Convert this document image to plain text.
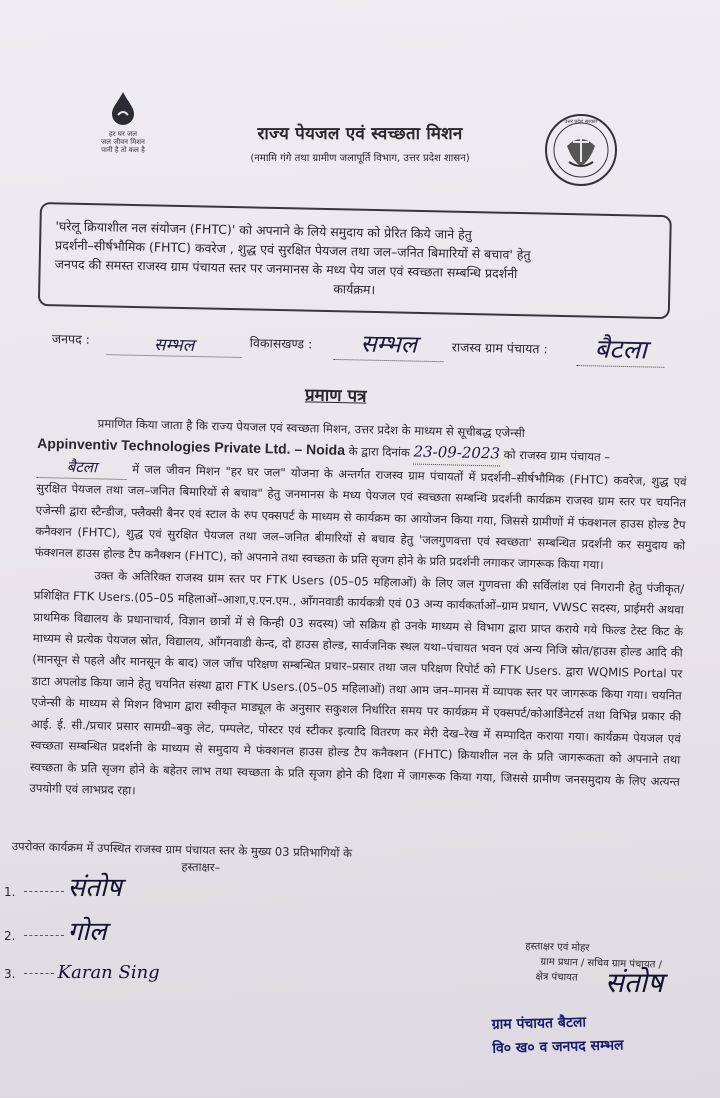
हर घर जल
जल जीवन मिशन
पानी है तो कल है
राज्य पेयजल एवं स्वच्छता मिशन
(नमामि गंगे तथा ग्रामीण जलापूर्ति विभाग, उत्तर प्रदेश शासन)
उत्तर प्रदेश सरकार
'घरेलू क्रियाशील नल संयोजन (FHTC)' को अपनाने के लिये समुदाय को प्रेरित किये जाने हेतु
प्रदर्शनी–सीर्षभौमिक (FHTC) कवरेज , शुद्ध एवं सुरक्षित पेयजल तथा जल–जनित बिमारियों से बचाव' हेतु
जनपद की समस्त राजस्व ग्राम पंचायत स्तर पर जनमानस के मध्य पेय जल एवं स्वच्छता सम्बन्धि प्रदर्शनी
कार्यक्रम।
जनपद :	सम्भल	विकासखण्ड :	सम्भल	राजस्व ग्राम पंचायत :	बैटला
प्रमाण पत्र

प्रमाणित किया जाता है कि राज्य पेयजल एवं स्वच्छता मिशन, उत्तर प्रदेश के माध्यम से सूचीबद्ध एजेन्सी

Appinventiv Technologies Private Ltd. – Noida के द्वारा दिनांक 23-09-2023 को राजस्व ग्राम पंचायत –

बैटला	में जल जीवन मिशन "हर घर जल" योजना के अन्तर्गत राजस्व ग्राम पंचायतों में प्रदर्शनी–सीर्षभौमिक (FHTC) कवरेज, शुद्ध एवं सुरक्षित पेयजल तथा जल–जनित बिमारियों से बचाव" हेतु जनमानस के मध्य पेयजल एवं स्वच्छता सम्बन्धि प्रदर्शनी कार्यक्रम राजस्व ग्राम स्तर पर चयनित एजेन्सी द्वारा स्टैन्डीज, फ्लैक्सी बैनर एवं स्टाल के रुप एक्सपर्ट के माध्यम से कार्यक्रम का आयोजन किया गया, जिससे ग्रामीणों में फंक्शनल हाउस होल्ड टैप कनैक्शन (FHTC), शुद्ध एवं सुरक्षित पेयजल तथा जल–जनित बीमारियों से बचाव हेतु 'जलगुणवत्ता एवं स्वच्छता' सम्बन्धित प्रदर्शनी कर समुदाय को फंक्शनल हाउस होल्ड टैप कनैक्शन (FHTC), को अपनाने तथा स्वच्छता के प्रति सृजग होने के प्रति प्रदर्शनी लगाकर जागरूक किया गया।

उक्त के अतिरिक्त राजस्व ग्राम स्तर पर FTK Users (05–05 महिलाओं) के लिए जल गुणवत्ता की सर्विलांश एवं निगरानी हेतु पंजीकृत/प्रशिक्षित FTK Users.(05–05 महिलाओं–आशा,ए.एन.एम., आँगनवाडी कार्यकत्री एवं 03 अन्य कार्यकर्ताओं–ग्राम प्रधान, VWSC सदस्य, प्राईमरी अथवा प्राथमिक विद्यालय के प्रधानाचार्य, विज्ञान छात्रों में से किन्ही 03 सदस्य) जो सक्रिय हो उनके माध्यम से विभाग द्वारा प्राप्त कराये गये फिल्ड टेस्ट किट के माध्यम से प्रत्येक पेयजल स्रोत, विद्यालय, आँगनवाडी केन्द, दो हाउस होल्ड, सार्वजनिक स्थल यथा–पंचायत भवन एवं अन्य निजि स्रोत/हाउस होल्ड आदि की (मानसून से पहले और मानसून के बाद) जल जाँच परिक्षण सम्बन्धित प्रचार–प्रसार तथा जल परिक्षण रिपोर्ट को FTK Users. द्वारा WQMIS Portal पर डाटा अपलोड किया जाने हेतु चयनित संस्था द्वारा FTK Users.(05–05 महिलाओं) तथा आम जन–मानस में व्यापक स्तर पर जागरूक किया गया। चयनित एजेन्सी के माध्यम से मिशन विभाग द्वारा स्वीकृत माड्यूल के अनुसार सकुशल निर्धारित समय पर कार्यक्रम में एक्सपर्ट/कोआर्डिनेटर्स तथा विभिन्न प्रकार की आई. ई. सी./प्रचार प्रसार सामग्री–बकु लेट, पम्पलेट, पोस्टर एवं स्टीकर इत्यादि वितरण कर मेरी देख–रेख में सम्पादित कराया गया। कार्यक्रम पेयजल एवं स्वच्छता सम्बन्धित प्रदर्शनी के माध्यम से समुदाय मे फंक्शनल हाउस होल्ड टैप कनैक्शन (FHTC) क्रियाशील नल के प्रति जागरूकता को अपनाने तथा स्वच्छता के प्रति सृजग होने के बहेतर लाभ तथा स्वच्छता के प्रति सृजग होने की दिशा में जागरूक किया गया, जिससे ग्रामीण जनसमुदाय के लिए अत्यन्त उपयोगी एवं लाभप्रद रहा।

उपरोक्त कार्यक्रम में उपस्थित राजस्व ग्राम पंचायत स्तर के मुख्य 03 प्रतिभागियों के
हस्ताक्षर–
1. संतोष
2. गोल
3. Karan Sing
हस्ताक्षर एवं मोहर
ग्राम प्रधान / सचिव ग्राम पंचायत /
क्षेत्र पंचायत संतोष
ग्राम पंचायत बैटला
वि० ख० व जनपद सम्भल
